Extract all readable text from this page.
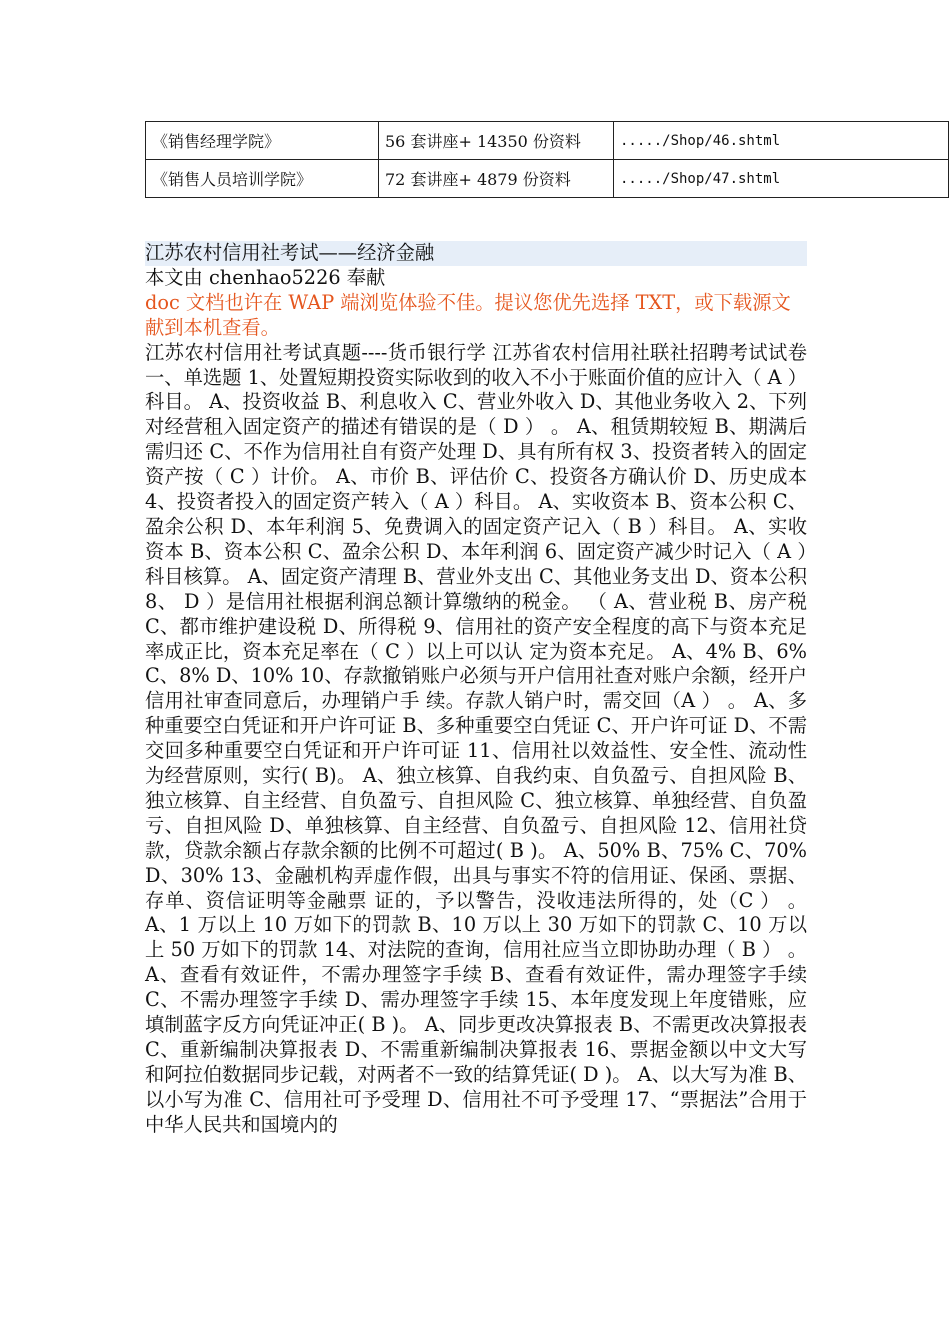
《销售经理学院》	56 套讲座+ 14350 份资料	...../Shop/46.shtml
《销售人员培训学院》	72 套讲座+ 4879 份资料	...../Shop/47.shtml
江苏农村信用社考试——经济金融
本文由 chenhao5226 奉献
doc 文档也许在 WAP 端浏览体验不佳。提议您优先选择 TXT，或下载源文献到本机查看。
江苏农村信用社考试真题----货币银行学 江苏省农村信用社联社招聘考试试卷 一、单选题 1、处置短期投资实际收到的收入不小于账面价值的应计入（ A ）科目。 A、投资收益 B、利息收入 C、营业外收入 D、其他业务收入 2、下列对经营租入固定资产的描述有错误的是（ D ） 。 A、租赁期较短 B、期满后需归还 C、不作为信用社自有资产处理 D、具有所有权 3、投资者转入的固定资产按（ C ）计价。 A、市价 B、评估价 C、投资各方确认价 D、历史成本 4、投资者投入的固定资产转入（ A ）科目。 A、实收资本 B、资本公积 C、盈余公积 D、本年利润 5、免费调入的固定资产记入（ B ）科目。 A、实收资本 B、资本公积 C、盈余公积 D、本年利润 6、固定资产减少时记入（ A ）科目核算。 A、固定资产清理 B、营业外支出 C、其他业务支出 D、资本公积 8、 D ）是信用社根据利润总额计算缴纳的税金。 （ A、营业税 B、房产税 C、都市维护建设税 D、所得税 9、信用社的资产安全程度的高下与资本充足率成正比，资本充足率在（ C ）以上可以认 定为资本充足。 A、4% B、6% C、8% D、10% 10、存款撤销账户必须与开户信用社查对账户余额，经开户信用社审查同意后，办理销户手 续。存款人销户时，需交回（A ） 。 A、多种重要空白凭证和开户许可证 B、多种重要空白凭证 C、开户许可证 D、不需交回多种重要空白凭证和开户许可证 11、信用社以效益性、安全性、流动性为经营原则，实行( B)。 A、独立核算、自我约束、自负盈亏、自担风险 B、独立核算、自主经营、自负盈亏、自担风险 C、独立核算、单独经营、自负盈亏、自担风险 D、单独核算、自主经营、自负盈亏、自担风险 12、信用社贷款，贷款余额占存款余额的比例不可超过( B )。 A、50% B、75% C、70% D、30% 13、金融机构弄虚作假，出具与事实不符的信用证、保函、票据、存单、资信证明等金融票 证的，予以警告，没收违法所得的，处（C ） 。 A、1 万以上 10 万如下的罚款 B、10 万以上 30 万如下的罚款 C、10 万以上 50 万如下的罚款 14、对法院的查询，信用社应当立即协助办理（ B ） 。 A、查看有效证件，不需办理签字手续 B、查看有效证件，需办理签字手续 C、不需办理签字手续 D、需办理签字手续 15、本年度发现上年度错账，应填制蓝字反方向凭证冲正( B )。 A、同步更改决算报表 B、不需更改决算报表 C、重新编制决算报表 D、不需重新编制决算报表 16、票据金额以中文大写和阿拉伯数据同步记载，对两者不一致的结算凭证( D )。 A、以大写为准 B、以小写为准 C、信用社可予受理 D、信用社不可予受理 17、“票据法”合用于中华人民共和国境内的
